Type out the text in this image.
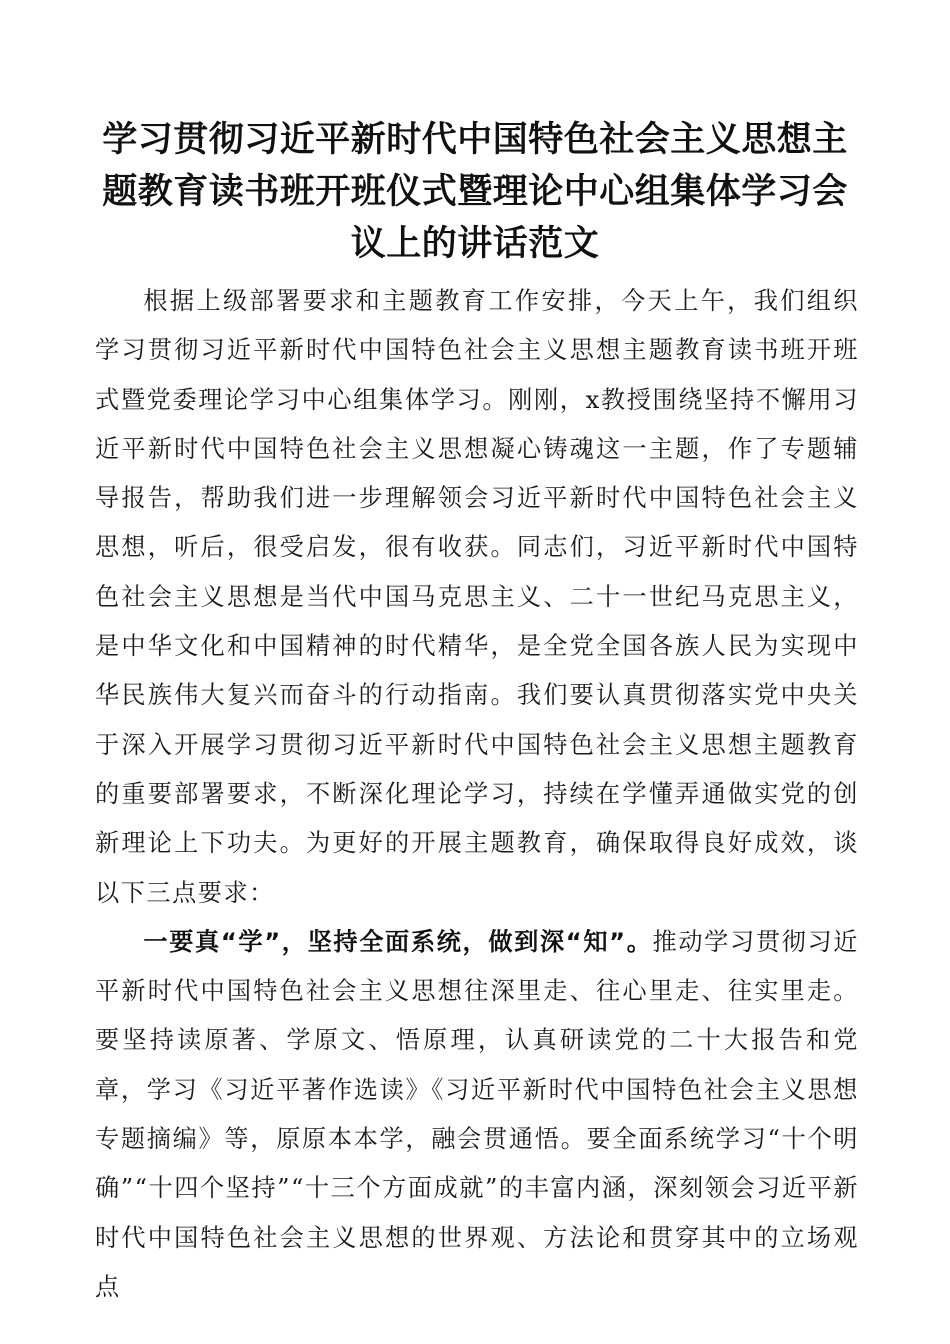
学习贯彻习近平新时代中国特色社会主义思想主题教育读书班开班仪式暨理论中心组集体学习会议上的讲话范文

根据上级部署要求和主题教育工作安排，今天上午，我们组织学习贯彻习近平新时代中国特色社会主义思想主题教育读书班开班式暨党委理论学习中心组集体学习。刚刚，x教授围绕坚持不懈用习近平新时代中国特色社会主义思想凝心铸魂这一主题，作了专题辅导报告，帮助我们进一步理解领会习近平新时代中国特色社会主义思想，听后，很受启发，很有收获。同志们，习近平新时代中国特色社会主义思想是当代中国马克思主义、二十一世纪马克思主义，是中华文化和中国精神的时代精华，是全党全国各族人民为实现中华民族伟大复兴而奋斗的行动指南。我们要认真贯彻落实党中央关于深入开展学习贯彻习近平新时代中国特色社会主义思想主题教育的重要部署要求，不断深化理论学习，持续在学懂弄通做实党的创新理论上下功夫。为更好的开展主题教育，确保取得良好成效，谈以下三点要求：

一要真“学”，坚持全面系统，做到深“知”。推动学习贯彻习近平新时代中国特色社会主义思想往深里走、往心里走、往实里走。要坚持读原著、学原文、悟原理，认真研读党的二十大报告和党章，学习《习近平著作选读》《习近平新时代中国特色社会主义思想专题摘编》等，原原本本学，融会贯通悟。要全面系统学习“十个明确”“十四个坚持”“十三个方面成就”的丰富内涵，深刻领会习近平新时代中国特色社会主义思想的世界观、方法论和贯穿其中的立场观点
